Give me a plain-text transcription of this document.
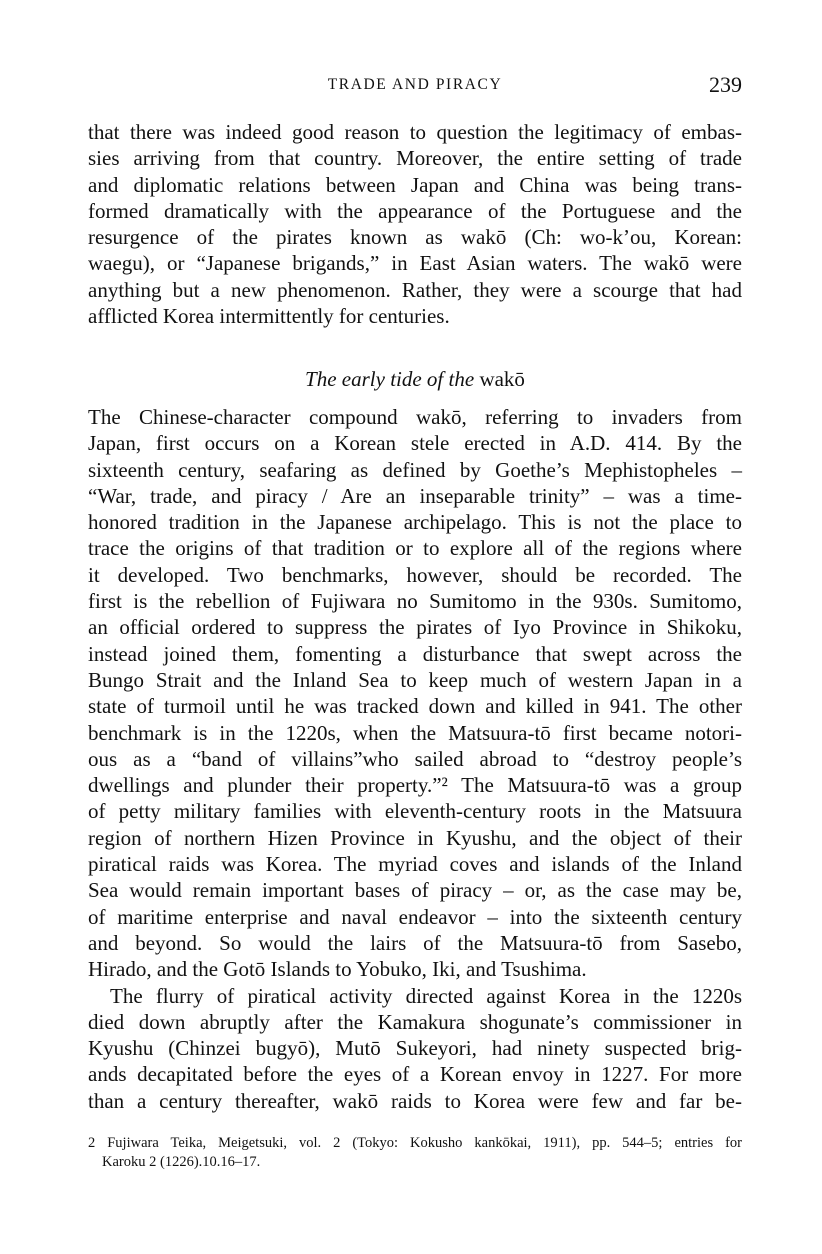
TRADE AND PIRACY	239
that there was indeed good reason to question the legitimacy of embas-
sies arriving from that country. Moreover, the entire setting of trade
and diplomatic relations between Japan and China was being trans-
formed dramatically with the appearance of the Portuguese and the
resurgence of the pirates known as wakō (Ch: wo-k’ou, Korean:
waegu), or “Japanese brigands,” in East Asian waters. The wakō were
anything but a new phenomenon. Rather, they were a scourge that had
afflicted Korea intermittently for centuries.
The early tide of the wakō
The Chinese-character compound wakō, referring to invaders from
Japan, first occurs on a Korean stele erected in A.D. 414. By the
sixteenth century, seafaring as defined by Goethe’s Mephistopheles –
“War, trade, and piracy / Are an inseparable trinity” – was a time-
honored tradition in the Japanese archipelago. This is not the place to
trace the origins of that tradition or to explore all of the regions where
it developed. Two benchmarks, however, should be recorded. The
first is the rebellion of Fujiwara no Sumitomo in the 930s. Sumitomo,
an official ordered to suppress the pirates of Iyo Province in Shikoku,
instead joined them, fomenting a disturbance that swept across the
Bungo Strait and the Inland Sea to keep much of western Japan in a
state of turmoil until he was tracked down and killed in 941. The other
benchmark is in the 1220s, when the Matsuura-tō first became notori-
ous as a “band of villains”who sailed abroad to “destroy people’s
dwellings and plunder their property.”² The Matsuura-tō was a group
of petty military families with eleventh-century roots in the Matsuura
region of northern Hizen Province in Kyushu, and the object of their
piratical raids was Korea. The myriad coves and islands of the Inland
Sea would remain important bases of piracy – or, as the case may be,
of maritime enterprise and naval endeavor – into the sixteenth century
and beyond. So would the lairs of the Matsuura-tō from Sasebo,
Hirado, and the Gotō Islands to Yobuko, Iki, and Tsushima.
The flurry of piratical activity directed against Korea in the 1220s
died down abruptly after the Kamakura shogunate’s commissioner in
Kyushu (Chinzei bugyō), Mutō Sukeyori, had ninety suspected brig-
ands decapitated before the eyes of a Korean envoy in 1227. For more
than a century thereafter, wakō raids to Korea were few and far be-
2 Fujiwara Teika, Meigetsuki, vol. 2 (Tokyo: Kokusho kankōkai, 1911), pp. 544–5; entries for
Karoku 2 (1226).10.16–17.
